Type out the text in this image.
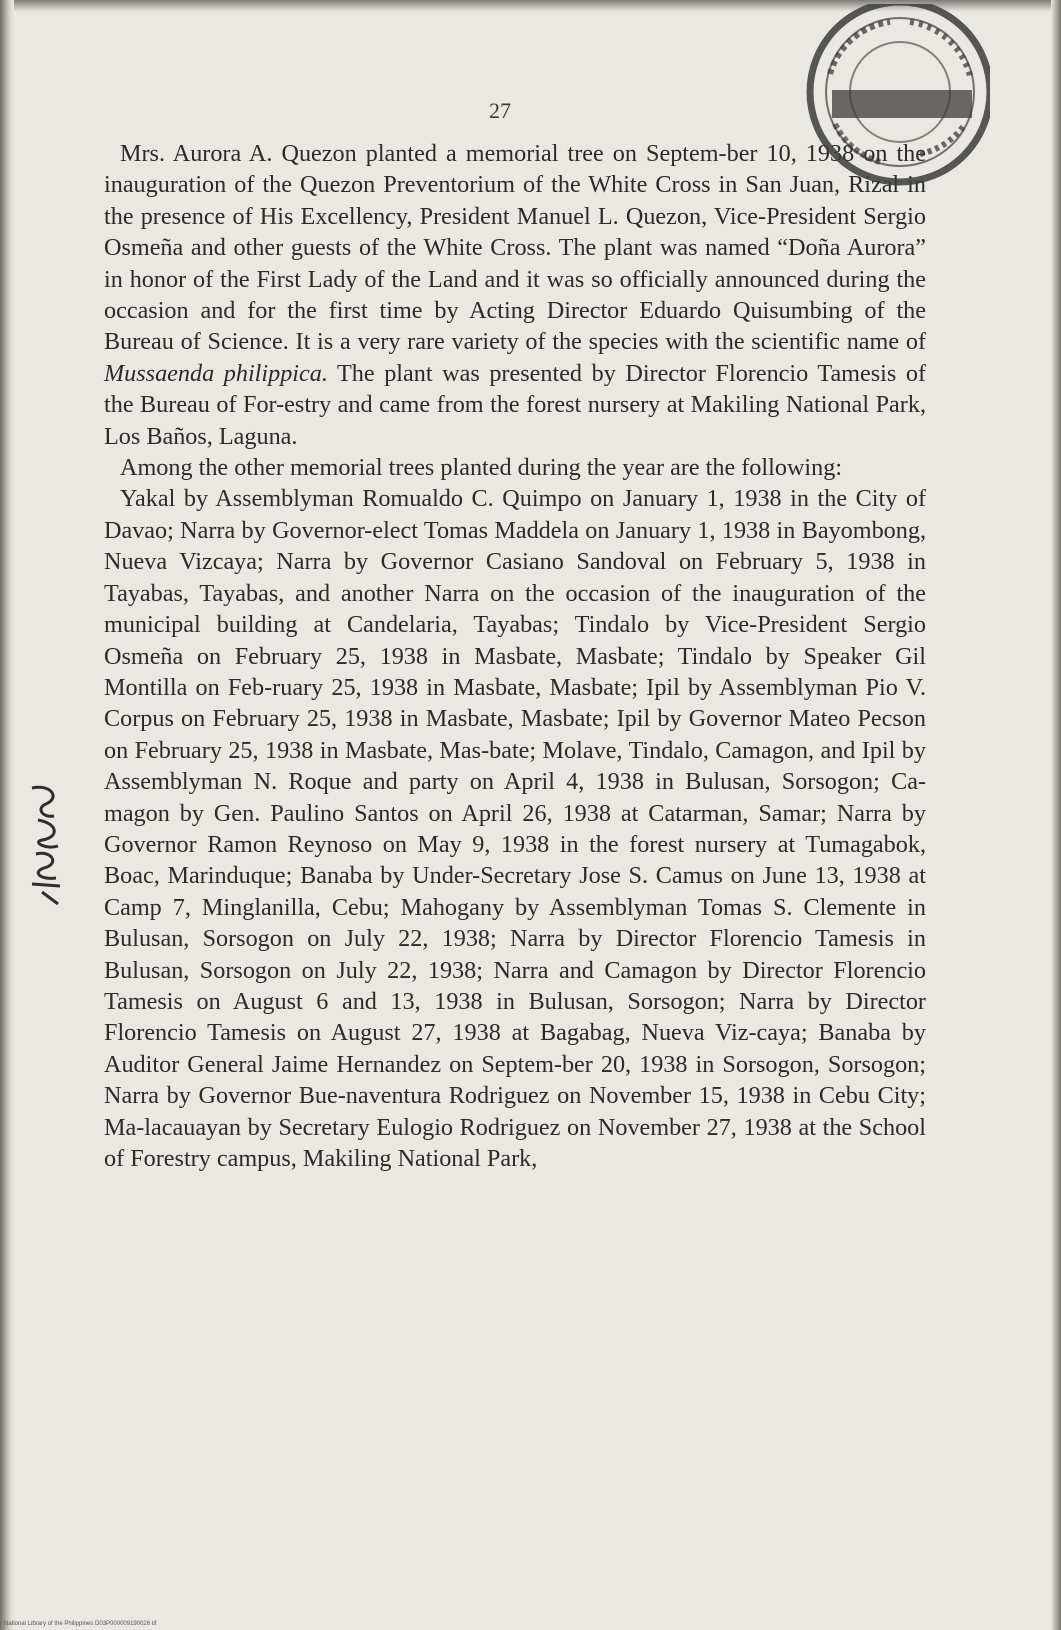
27

Mrs. Aurora A. Quezon planted a memorial tree on Septem-ber 10, 1938 on the inauguration of the Quezon Preventorium of the White Cross in San Juan, Rizal in the presence of His Excellency, President Manuel L. Quezon, Vice-President Sergio Osmeña and other guests of the White Cross. The plant was named “Doña Aurora” in honor of the First Lady of the Land and it was so officially announced during the occasion and for the first time by Acting Director Eduardo Quisumbing of the Bureau of Science. It is a very rare variety of the species with the scientific name of Mussaenda philippica. The plant was presented by Director Florencio Tamesis of the Bureau of For-estry and came from the forest nursery at Makiling National Park, Los Baños, Laguna.

Among the other memorial trees planted during the year are the following:

Yakal by Assemblyman Romualdo C. Quimpo on January 1, 1938 in the City of Davao; Narra by Governor-elect Tomas Maddela on January 1, 1938 in Bayombong, Nueva Vizcaya; Narra by Governor Casiano Sandoval on February 5, 1938 in Tayabas, Tayabas, and another Narra on the occasion of the inauguration of the municipal building at Candelaria, Tayabas; Tindalo by Vice-President Sergio Osmeña on February 25, 1938 in Masbate, Masbate; Tindalo by Speaker Gil Montilla on Feb-ruary 25, 1938 in Masbate, Masbate; Ipil by Assemblyman Pio V. Corpus on February 25, 1938 in Masbate, Masbate; Ipil by Governor Mateo Pecson on February 25, 1938 in Masbate, Mas-bate; Molave, Tindalo, Camagon, and Ipil by Assemblyman N. Roque and party on April 4, 1938 in Bulusan, Sorsogon; Ca-magon by Gen. Paulino Santos on April 26, 1938 at Catarman, Samar; Narra by Governor Ramon Reynoso on May 9, 1938 in the forest nursery at Tumagabok, Boac, Marinduque; Banaba by Under-Secretary Jose S. Camus on June 13, 1938 at Camp 7, Minglanilla, Cebu; Mahogany by Assemblyman Tomas S. Clemente in Bulusan, Sorsogon on July 22, 1938; Narra by Director Florencio Tamesis in Bulusan, Sorsogon on July 22, 1938; Narra and Camagon by Director Florencio Tamesis on August 6 and 13, 1938 in Bulusan, Sorsogon; Narra by Director Florencio Tamesis on August 27, 1938 at Bagabag, Nueva Viz-caya; Banaba by Auditor General Jaime Hernandez on Septem-ber 20, 1938 in Sorsogon, Sorsogon; Narra by Governor Bue-naventura Rodriguez on November 15, 1938 in Cebu City; Ma-lacauayan by Secretary Eulogio Rodriguez on November 27, 1938 at the School of Forestry campus, Makiling National Park,

National Library of the Philippines D03P000009190026 tif
